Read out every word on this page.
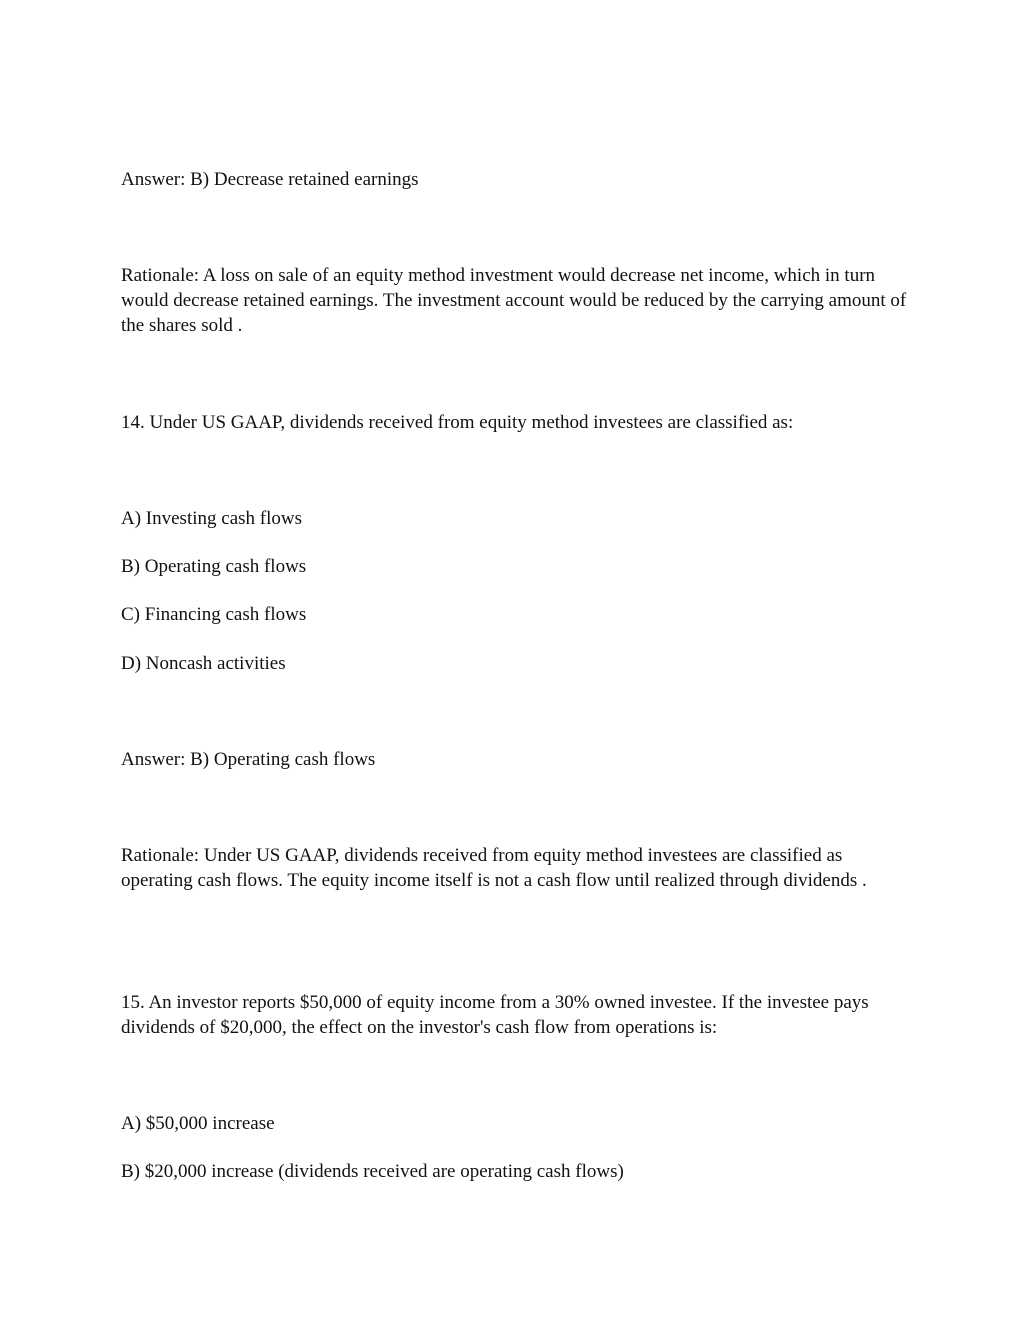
Answer: B) Decrease retained earnings

Rationale: A loss on sale of an equity method investment would decrease net income, which in turn would decrease retained earnings. The investment account would be reduced by the carrying amount of the shares sold .

14. Under US GAAP, dividends received from equity method investees are classified as:

A) Investing cash flows

B) Operating cash flows

C) Financing cash flows

D) Noncash activities

Answer: B) Operating cash flows

Rationale: Under US GAAP, dividends received from equity method investees are classified as operating cash flows. The equity income itself is not a cash flow until realized through dividends .

15. An investor reports $50,000 of equity income from a 30% owned investee. If the investee pays dividends of $20,000, the effect on the investor's cash flow from operations is:

A) $50,000 increase

B) $20,000 increase (dividends received are operating cash flows)
